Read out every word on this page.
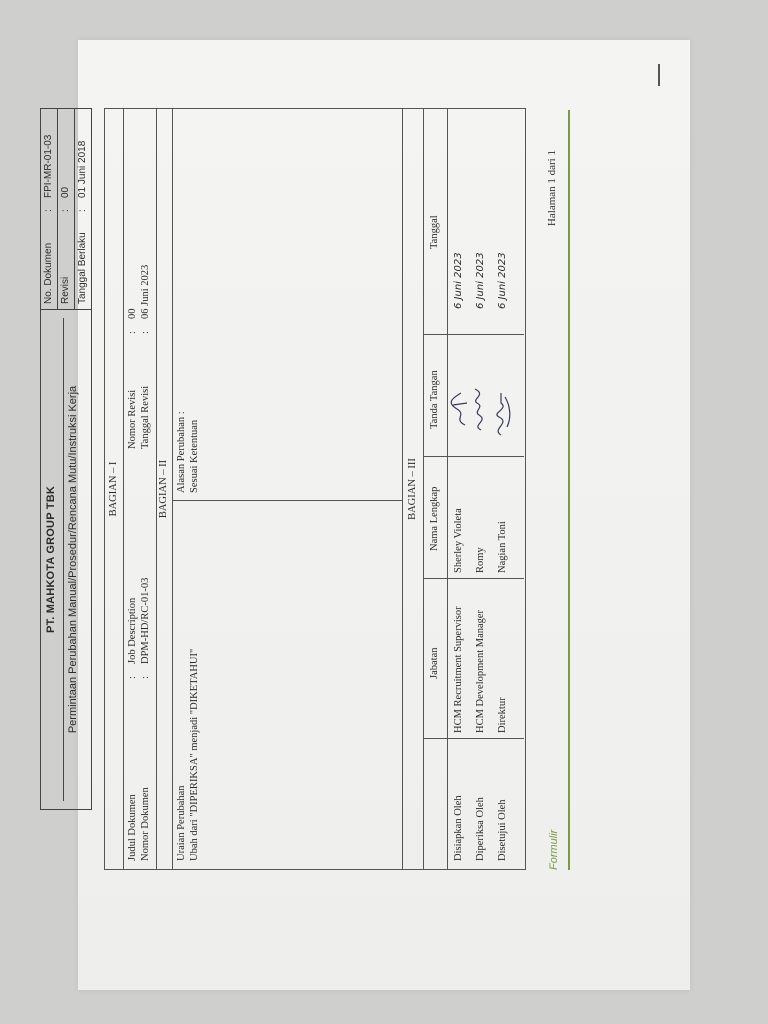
PT. MAHKOTA GROUP TBK Permintaan Perubahan Manual/Prosedur/Rencana Mutu/Instruksi Kerja
No. Dokumen
:
FPI-MR-01-03
Revisi
:
00
Tanggal Berlaku
:
01 Juni 2018
BAGIAN – I
Judul Dokumen
:
Job Description
Nomor Dokumen
:
DPM-HD/RC-01-03
Nomor Revisi
:
00
Tanggal Revisi
:
06 Juni 2023
BAGIAN – II
Uraian Perubahan Ubah dari "DIPERIKSA" menjadi "DIKETAHUI"
Alasan Perubahan : Sesuai Ketentuan	BAGIAN – III
Jabatan
Nama Lengkap
Tanda Tangan
Tanggal
Disiapkan Oleh
HCM Recruitment Supervisor
Sherley Violeta
6 Juni 2023
Diperiksa Oleh
HCM Development Manager
Romy
6 Juni 2023
Disetujui Oleh
Direktur
Nagian Toni
6 Juni 2023
Formulir
Halaman 1 dari 1
